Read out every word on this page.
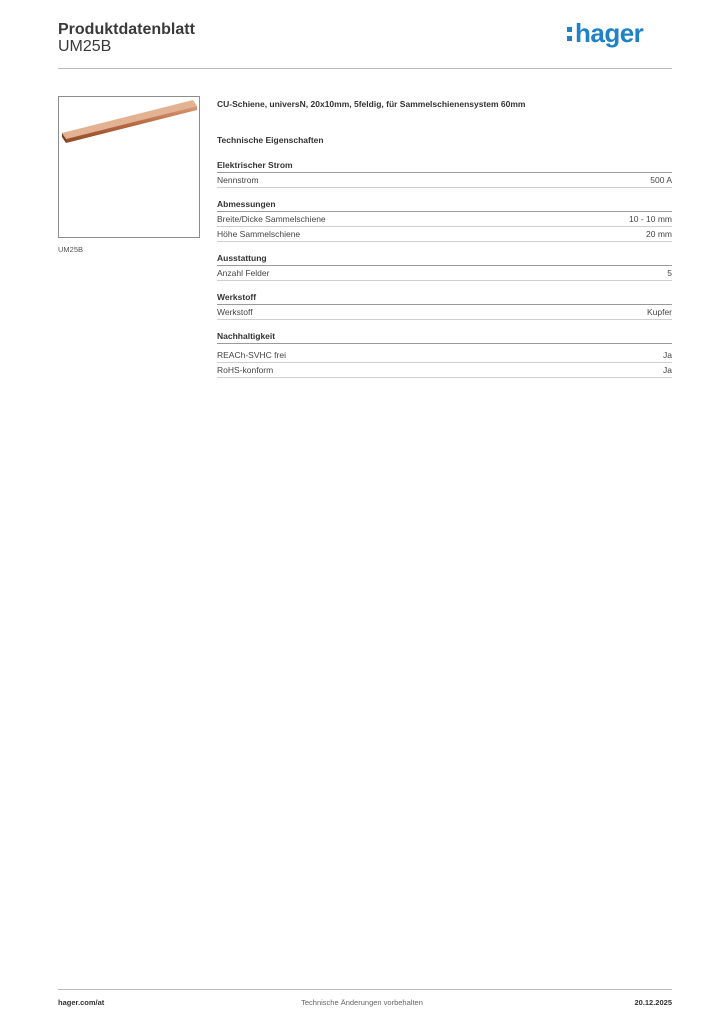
Produktdatenblatt
UM25B	hager
UM25B
CU-Schiene, universN, 20x10mm, 5feldig, für Sammelschienensystem 60mm
Technische Eigenschaften
Elektrischer Strom
Nennstrom	500 A
Abmessungen
Breite/Dicke Sammelschiene	10 - 10 mm
Höhe Sammelschiene	20 mm
Ausstattung
Anzahl Felder	5
Werkstoff
Werkstoff	Kupfer
Nachhaltigkeit
REACh-SVHC frei	Ja
RoHS-konform	Ja
hager.com/at	Technische Änderungen vorbehalten	20.12.2025
